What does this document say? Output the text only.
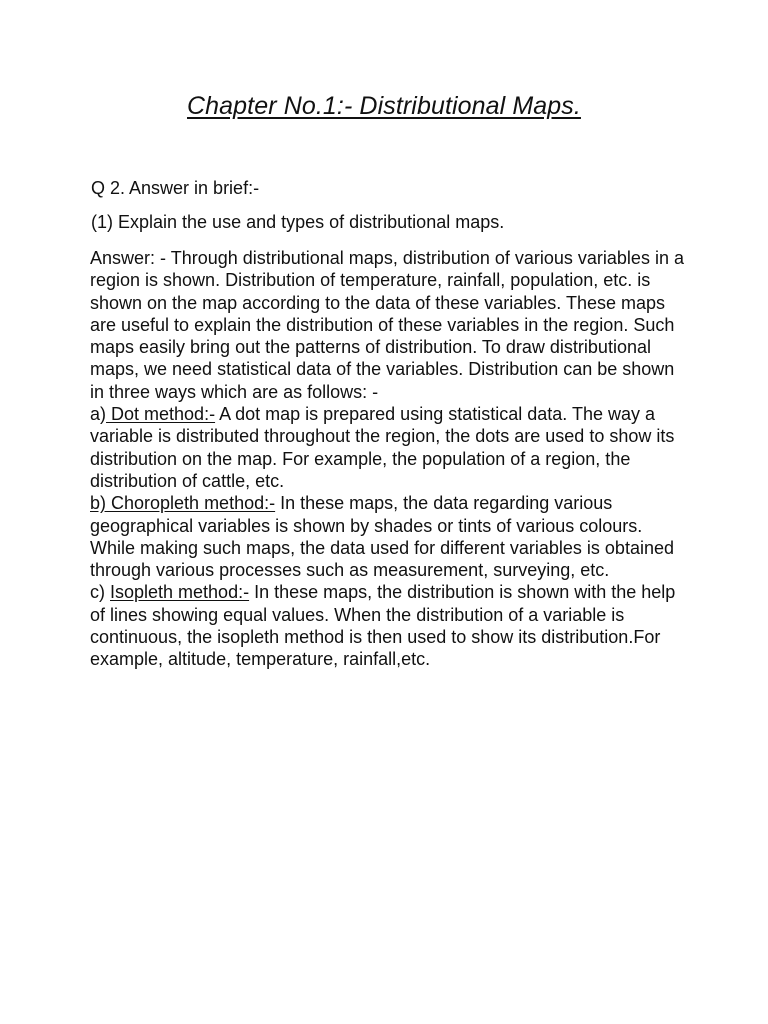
Chapter No.1:- Distributional Maps.

Q 2. Answer in brief:-

(1) Explain the use and types of distributional maps.

Answer: - Through distributional maps, distribution of various variables in a region is shown. Distribution of temperature, rainfall, population, etc. is shown on the map according to the data of these variables. These maps are useful to explain the distribution of these variables in the region. Such maps easily bring out the patterns of distribution. To draw distributional maps, we need statistical data of the variables. Distribution can be shown in three ways which are as follows: -

a) Dot method:- A dot map is prepared using statistical data. The way a variable is distributed throughout the region, the dots are used to show its distribution on the map. For example, the population of a region, the distribution of cattle, etc.

b) Choropleth method:- In these maps, the data regarding various geographical variables is shown by shades or tints of various colours. While making such maps, the data used for different variables is obtained through various processes such as measurement, surveying, etc.

c) Isopleth method:- In these maps, the distribution is shown with the help of lines showing equal values. When the distribution of a variable is continuous, the isopleth method is then used to show its distribution.For example, altitude, temperature, rainfall,etc.
